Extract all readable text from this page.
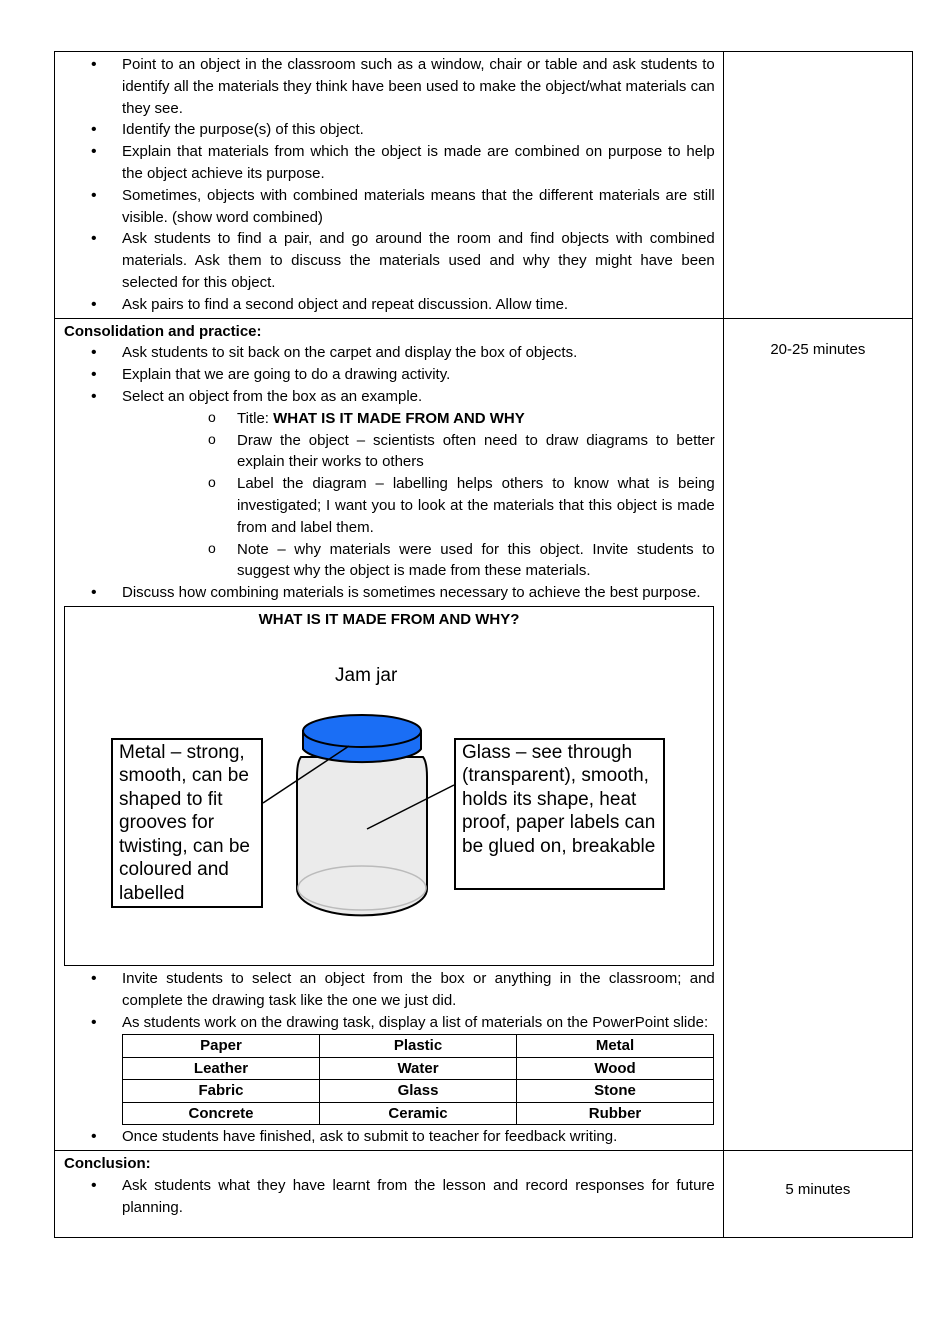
• Point to an object in the classroom such as a window, chair or table and ask students to identify all the materials they think have been used to make the object/what materials can they see.
• Identify the purpose(s) of this object.
• Explain that materials from which the object is made are combined on purpose to help the object achieve its purpose.
• Sometimes, objects with combined materials means that the different materials are still visible. (show word combined)
• Ask students to find a pair, and go around the room and find objects with combined materials. Ask them to discuss the materials used and why they might have been selected for this object.
• Ask pairs to find a second object and repeat discussion. Allow time.

Consolidation and practice:
• Ask students to sit back on the carpet and display the box of objects.
• Explain that we are going to do a drawing activity.
• Select an object from the box as an example.
o Title: WHAT IS IT MADE FROM AND WHY
o Draw the object – scientists often need to draw diagrams to better explain their works to others
o Label the diagram – labelling helps others to know what is being investigated; I want you to look at the materials that this object is made from and label them.
o Note – why materials were used for this object. Invite students to suggest why the object is made from these materials.
• Discuss how combining materials is sometimes necessary to achieve the best purpose.
WHAT IS IT MADE FROM AND WHY?
Jam jar
Metal – strong, smooth, can be shaped to fit grooves for twisting, can be coloured and labelled
Glass – see through (transparent), smooth, holds its shape, heat proof, paper labels can be glued on, breakable
• Invite students to select an object from the box or anything in the classroom; and complete the drawing task like the one we just did.
• As students work on the drawing task, display a list of materials on the PowerPoint slide:
Paper	Plastic	Metal
Leather	Water	Wood
Fabric	Glass	Stone
Concrete	Ceramic	Rubber
• Once students have finished, ask to submit to teacher for feedback writing.

20-25 minutes

Conclusion:
• Ask students what they have learnt from the lesson and record responses for future planning.

5 minutes
